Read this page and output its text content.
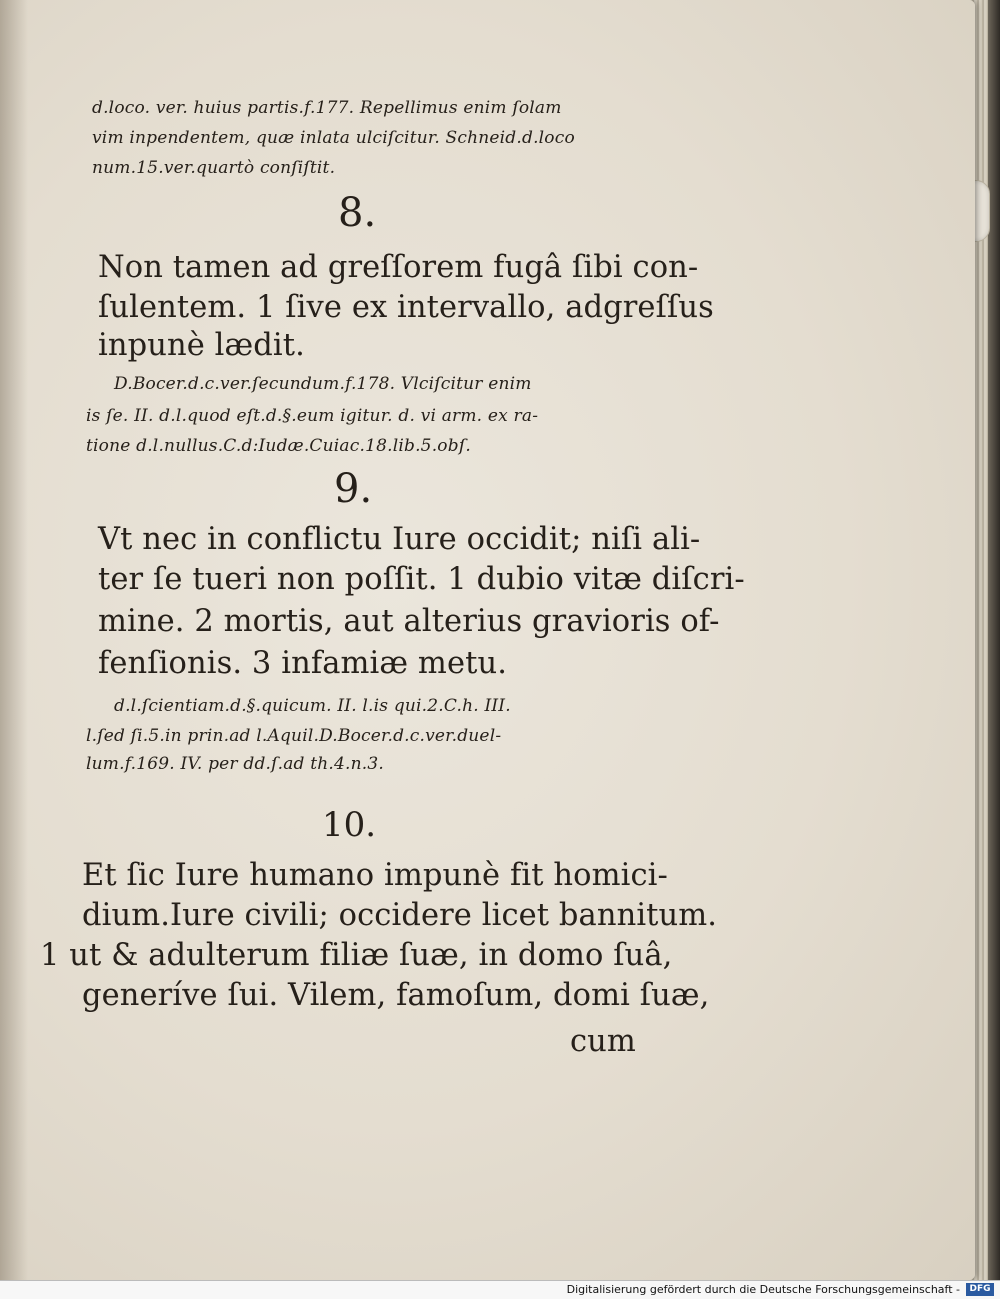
d.loco. ver. huius partis.f.177. Repellimus enim ſolam
vim inpendentem, quæ inlata ulciſcitur. Schneid.d.loco
num.15.ver.quartò conſiſtit.
8.
Non tamen ad greſſorem fugâ ſibi con-
ſulentem. 1 ſive ex intervallo, adgreſſus
inpunè lædit.
D.Bocer.d.c.ver.ſecundum.f.178. Vlciſcitur enim
is ſe. II. d.l.quod eſt.d.§.eum igitur. d. vi arm. ex ra-
tione d.l.nullus.C.d:Iudæ.Cuiac.18.lib.5.obſ.
9.
Vt nec in conflictu Iure occidit; niſi ali-
ter ſe tueri non poſſit. 1 dubio vitæ diſcri-
mine. 2 mortis, aut alterius gravioris of-
fenſionis. 3 infamiæ metu.
d.l.ſcientiam.d.§.quicum. II. l.is qui.2.C.h. III.
l.ſed ſi.5.in prin.ad l.Aquil.D.Bocer.d.c.ver.duel-
lum.f.169. IV. per dd.ſ.ad th.4.n.3.
10.
Et ſic Iure humano impunè fit homici-
dium.Iure civili; occidere licet bannitum.
1 ut & adulterum filiæ ſuæ, in domo ſuâ,
generíve ſui. Vilem, famoſum, domi ſuæ,
cum
Digitalisierung gefördert durch die Deutsche Forschungsgemeinschaft -	DFG
